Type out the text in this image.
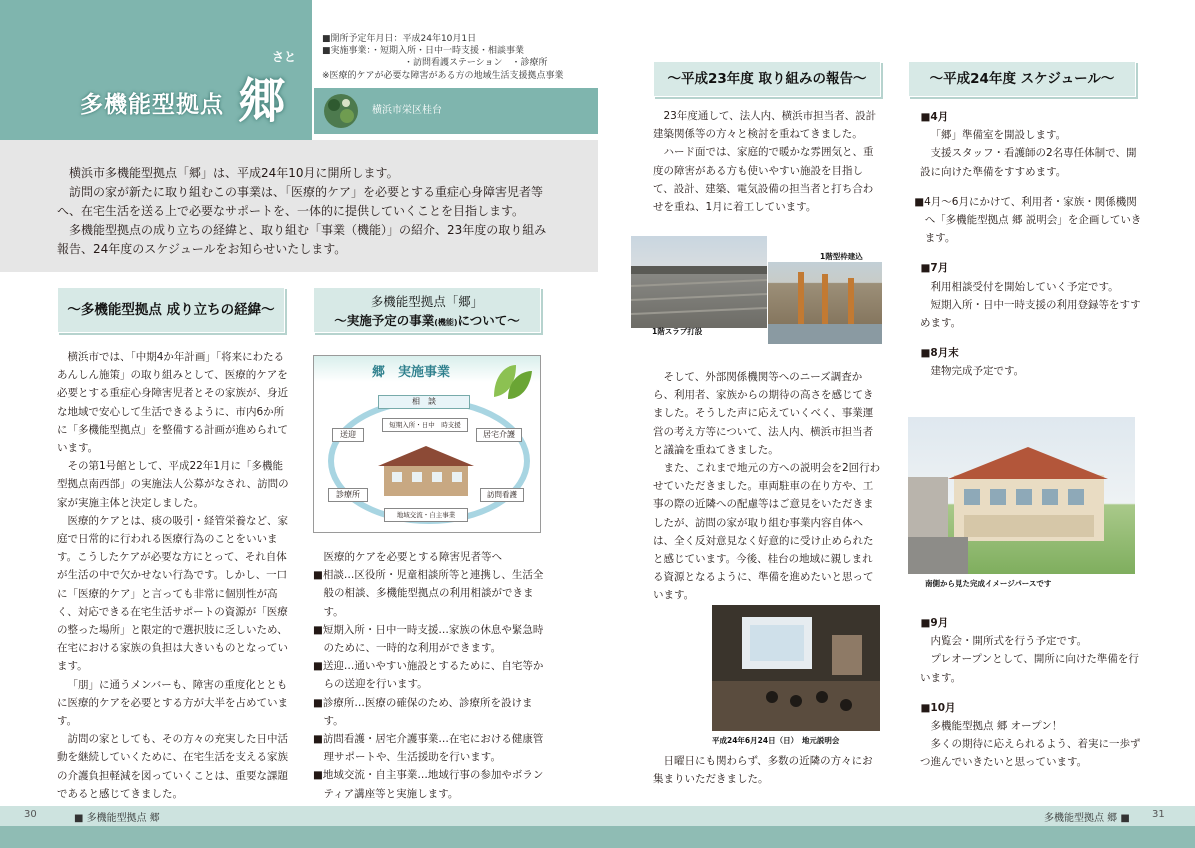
多機能型拠点
さと
郷
■開所予定年月日：平成24年10月1日
■実施事業：・短期入所・日中一時支援・相談事業
・訪問看護ステーション　・診療所
※医療的ケアが必要な障害がある方の地域生活支援拠点事業
横浜市栄区桂台

横浜市多機能型拠点「郷」は、平成24年10月に開所します。

訪問の家が新たに取り組むこの事業は、「医療的ケア」を必要とする重症心身障害児者等へ、在宅生活を送る上で必要なサポートを、一体的に提供していくことを目指します。

多機能型拠点の成り立ちの経緯と、取り組む「事業（機能）」の紹介、23年度の取り組み報告、24年度のスケジュールをお知らせいたします。

～多機能型拠点 成り立ちの経緯～

横浜市では、「中期4か年計画」「将来にわたるあんしん施策」の取り組みとして、医療的ケアを必要とする重症心身障害児者とその家族が、身近な地域で安心して生活できるように、市内6か所に「多機能型拠点」を整備する計画が進められています。

その第1号館として、平成22年1月に「多機能型拠点南西部」の実施法人公募がなされ、訪問の家が実施主体と決定しました。

医療的ケアとは、痰の吸引・経管栄養など、家庭で日常的に行われる医療行為のことをいいます。こうしたケアが必要な方にとって、それ自体が生活の中で欠かせない行為です。しかし、一口に「医療的ケア」と言っても非常に個別性が高く、対応できる在宅生活サポートの資源が「医療の整った場所」と限定的で選択肢に乏しいため、在宅における家族の負担は大きいものとなっています。

「朋」に通うメンバーも、障害の重度化とともに医療的ケアを必要とする方が大半を占めています。

訪問の家としても、その方々の充実した日中活動を継続していくために、在宅生活を支える家族の介護負担軽減を図っていくことは、重要な課題であると感じてきました。

多機能型拠点「郷」
～実施予定の事業(機能)について～
郷　実施事業
相　談
短期入所・日中　時支援
送迎	居宅介護
診療所	訪問看護
地域交流・自主事業

医療的ケアを必要とする障害児者等へ

■相談…区役所・児童相談所等と連携し、生活全般の相談、多機能型拠点の利用相談ができます。

■短期入所・日中一時支援…家族の休息や緊急時のために、一時的な利用ができます。

■送迎…通いやすい施設とするために、自宅等からの送迎を行います。

■診療所…医療の確保のため、診療所を設けます。

■訪問看護・居宅介護事業…在宅における健康管理サポートや、生活援助を行います。

■地域交流・自主事業…地域行事の参加やボランティア講座等と実施します。

～平成23年度 取り組みの報告～

23年度通して、法人内、横浜市担当者、設計建築関係等の方々と検討を重ねてきました。

ハード面では、家庭的で暖かな雰囲気と、重度の障害がある方も使いやすい施設を目指して、設計、建築、電気設備の担当者と打ち合わせを重ね、1月に着工しています。

1階型枠建込
1階スラブ打設

そして、外部関係機関等へのニーズ調査から、利用者、家族からの期待の高さを感じてきました。そうした声に応えていくべく、事業運営の考え方等について、法人内、横浜市担当者と議論を重ねてきました。

また、これまで地元の方への説明会を2回行わせていただきました。車両駐車の在り方や、工事の際の近隣への配慮等はご意見をいただきましたが、訪問の家が取り組む事業内容自体へは、全く反対意見なく好意的に受け止められたと感じています。今後、桂台の地域に親しまれる資源となるように、準備を進めたいと思っています。

平成24年6月24日（日）　地元説明会

日曜日にも関わらず、多数の近隣の方々にお集まりいただきました。

～平成24年度 スケジュール～

■4月

「郷」準備室を開設します。

支援スタッフ・看護師の2名専任体制で、開設に向けた準備をすすめます。

■4月～6月にかけて、利用者・家族・関係機関へ「多機能型拠点 郷 説明会」を企画していきます。

■7月

利用相談受付を開始していく予定です。

短期入所・日中一時支援の利用登録等をすすめます。

■8月末

建物完成予定です。

南側から見た完成イメージパースです

■9月

内覧会・開所式を行う予定です。

プレオープンとして、開所に向けた準備を行います。

■10月

多機能型拠点 郷 オープン！

多くの期待に応えられるよう、着実に一歩ずつ進んでいきたいと思っています。

30	■ 多機能型拠点 郷	多機能型拠点 郷 ■ 31
